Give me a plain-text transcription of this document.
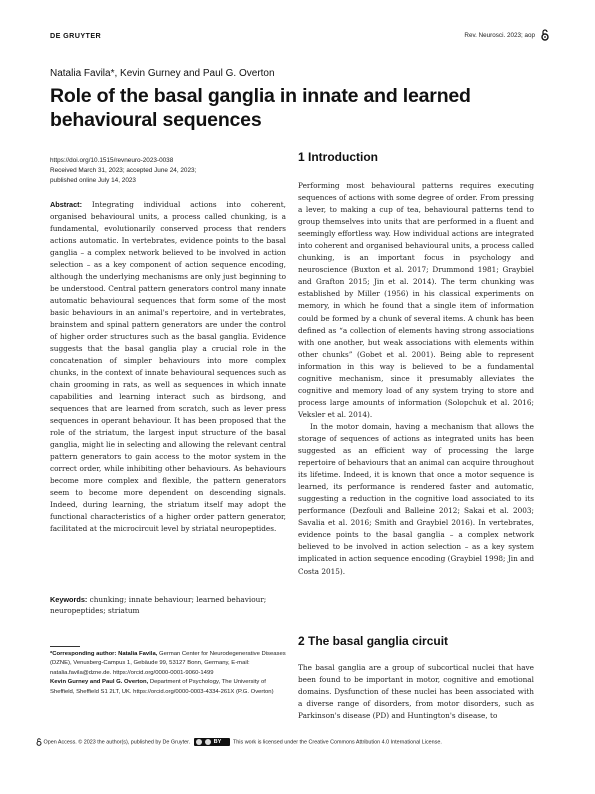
DE GRUYTER	Rev. Neurosci. 2023; aop
Natalia Favila*, Kevin Gurney and Paul G. Overton
Role of the basal ganglia in innate and learned behavioural sequences
https://doi.org/10.1515/revneuro-2023-0038
Received March 31, 2023; accepted June 24, 2023;
published online July 14, 2023
Abstract: Integrating individual actions into coherent, organised behavioural units, a process called chunking, is a fundamental, evolutionarily conserved process that renders actions automatic. In vertebrates, evidence points to the basal ganglia – a complex network believed to be involved in action selection – as a key component of action sequence encoding, although the underlying mechanisms are only just beginning to be understood. Central pattern generators control many innate automatic behavioural sequences that form some of the most basic behaviours in an animal's repertoire, and in vertebrates, brainstem and spinal pattern generators are under the control of higher order structures such as the basal ganglia. Evidence suggests that the basal ganglia play a crucial role in the concatenation of simpler behaviours into more complex chunks, in the context of innate behavioural sequences such as chain grooming in rats, as well as sequences in which innate capabilities and learning interact such as birdsong, and sequences that are learned from scratch, such as lever press sequences in operant behaviour. It has been proposed that the role of the striatum, the largest input structure of the basal ganglia, might lie in selecting and allowing the relevant central pattern generators to gain access to the motor system in the correct order, while inhibiting other behaviours. As behaviours become more complex and flexible, the pattern generators seem to become more dependent on descending signals. Indeed, during learning, the striatum itself may adopt the functional characteristics of a higher order pattern generator, facilitated at the microcircuit level by striatal neuropeptides.
Keywords: chunking; innate behaviour; learned behaviour; neuropeptides; striatum
*Corresponding author: Natalia Favila, German Center for Neurodegenerative Diseases (DZNE), Venusberg-Campus 1, Gebäude 99, 53127 Bonn, Germany, E-mail: natalia.favila@dzne.de. https://orcid.org/0000-0001-9060-1499
Kevin Gurney and Paul G. Overton, Department of Psychology, The University of Sheffield, Sheffield S1 2LT, UK. https://orcid.org/0000-0003-4334-261X (P.G. Overton)
1 Introduction

Performing most behavioural patterns requires executing sequences of actions with some degree of order. From pressing a lever, to making a cup of tea, behavioural patterns tend to group themselves into units that are performed in a fluent and seemingly effortless way. How individual actions are integrated into coherent and organised behavioural units, a process called chunking, is an important focus in psychology and neuroscience (Buxton et al. 2017; Drummond 1981; Graybiel and Grafton 2015; Jin et al. 2014). The term chunking was established by Miller (1956) in his classical experiments on memory, in which he found that a single item of information could be formed by a chunk of several items. A chunk has been defined as “a collection of elements having strong associations with one another, but weak associations with elements within other chunks” (Gobet et al. 2001). Being able to represent information in this way is believed to be a fundamental cognitive mechanism, since it presumably alleviates the cognitive and memory load of any system trying to store and process large amounts of information (Solopchuk et al. 2016; Veksler et al. 2014).

In the motor domain, having a mechanism that allows the storage of sequences of actions as integrated units has been suggested as an efficient way of processing the large repertoire of behaviours that an animal can acquire throughout its lifetime. Indeed, it is known that once a motor sequence is learned, its performance is rendered faster and automatic, suggesting a reduction in the cognitive load associated to its performance (Dezfouli and Balleine 2012; Sakai et al. 2003; Savalia et al. 2016; Smith and Graybiel 2016). In vertebrates, evidence points to the basal ganglia – a complex network believed to be involved in action selection – as a key system implicated in action sequence encoding (Graybiel 1998; Jin and Costa 2015).

2 The basal ganglia circuit

The basal ganglia are a group of subcortical nuclei that have been found to be important in motor, cognitive and emotional domains. Dysfunction of these nuclei has been associated with a diverse range of disorders, from motor disorders, such as Parkinson's disease (PD) and Huntington's disease, to

Open Access. © 2023 the author(s), published by De Gruyter.	BY This work is licensed under the Creative Commons Attribution 4.0 International License.
